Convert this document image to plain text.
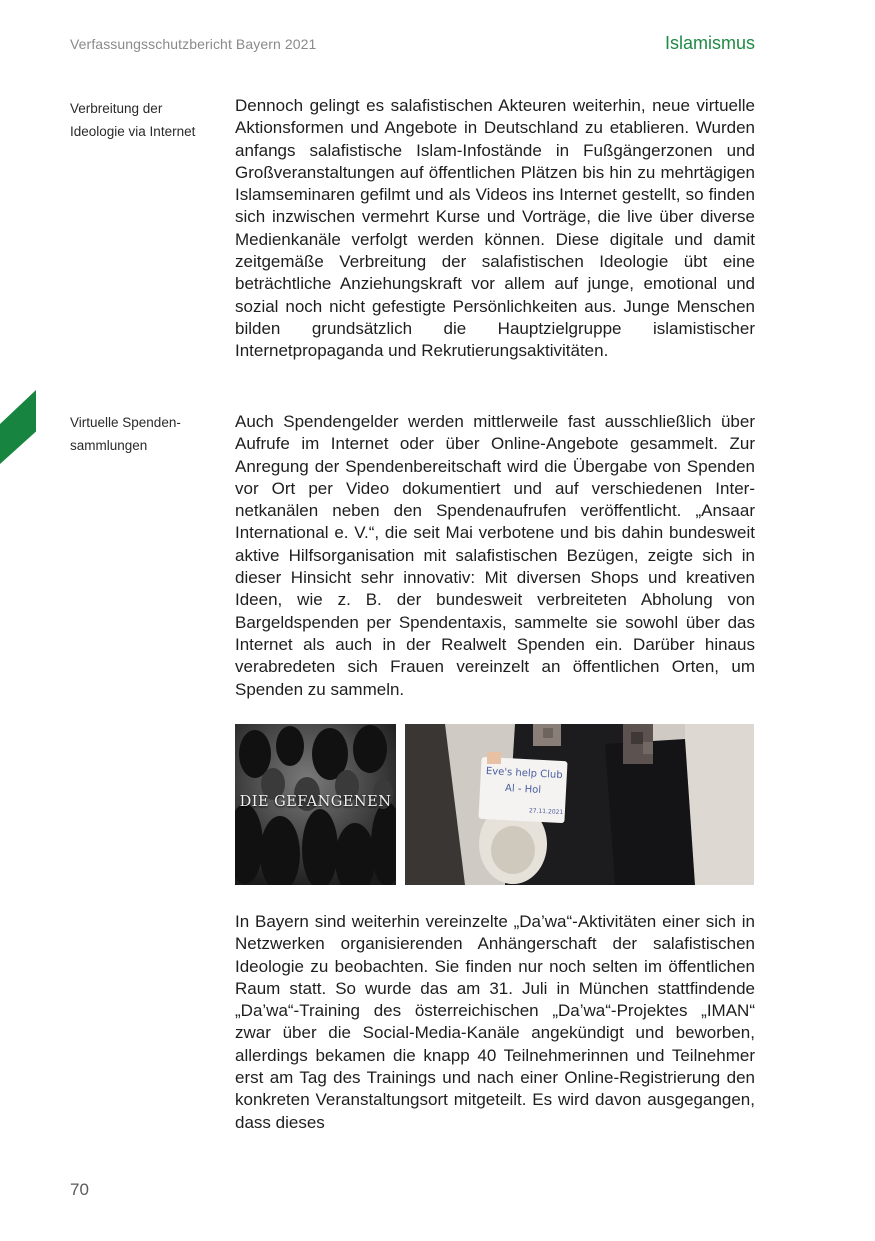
Verfassungsschutzbericht Bayern 2021	Islamismus
Verbreitung der
Ideologie via Internet
Dennoch gelingt es salafistischen Akteuren weiterhin, neue virtuelle Aktionsformen und Angebote in Deutschland zu etablieren. Wurden anfangs salafistische Islam-Infostände in Fußgängerzonen und Großveranstaltungen auf öffentlichen Plätzen bis hin zu mehrtägigen Islamseminaren gefilmt und als Videos ins Internet gestellt, so finden sich inzwischen vermehrt Kurse und Vorträge, die live über diverse Medienkanäle verfolgt werden können. Diese digitale und damit zeitgemäße Verbreitung der salafistischen Ideologie übt eine beträchtliche Anziehungskraft vor allem auf junge, emotional und sozial noch nicht gefestigte Persönlichkeiten aus. Junge Menschen bilden grundsätzlich die Hauptzielgruppe islamistischer Internetpropaganda und Rekrutierungsaktivitäten.
Virtuelle Spenden-
sammlungen
Auch Spendengelder werden mittlerweile fast ausschließlich über Aufrufe im Internet oder über Online-Angebote gesammelt. Zur Anregung der Spendenbereitschaft wird die Übergabe von Spenden vor Ort per Video dokumentiert und auf verschiedenen Internetkanälen neben den Spendenaufrufen veröffentlicht. „Ansaar International e. V.“, die seit Mai verbotene und bis dahin bundesweit aktive Hilfsorganisation mit salafistischen Bezügen, zeigte sich in dieser Hinsicht sehr innovativ: Mit diversen Shops und kreativen Ideen, wie z. B. der bundesweit verbreiteten Abholung von Bargeldspenden per Spendentaxis, sammelte sie sowohl über das Internet als auch in der Realwelt Spenden ein. Darüber hinaus verabredeten sich Frauen vereinzelt an öffentlichen Orten, um Spenden zu sammeln.
DIE GEFANGENEN
Eve's help Club
Al - Hol
27.11.2021
In Bayern sind weiterhin vereinzelte „Da’wa“-Aktivitäten einer sich in Netzwerken organisierenden Anhängerschaft der salafistischen Ideologie zu beobachten. Sie finden nur noch selten im öffentlichen Raum statt. So wurde das am 31. Juli in München stattfindende „Da’wa“-Training des österreichischen „Da’wa“-Projektes „IMAN“ zwar über die Social-Media-Kanäle angekündigt und beworben, allerdings bekamen die knapp 40 Teilnehmerinnen und Teilnehmer erst am Tag des Trainings und nach einer Online-Registrierung den konkreten Veranstaltungsort mitgeteilt. Es wird davon ausgegangen, dass dieses
70
